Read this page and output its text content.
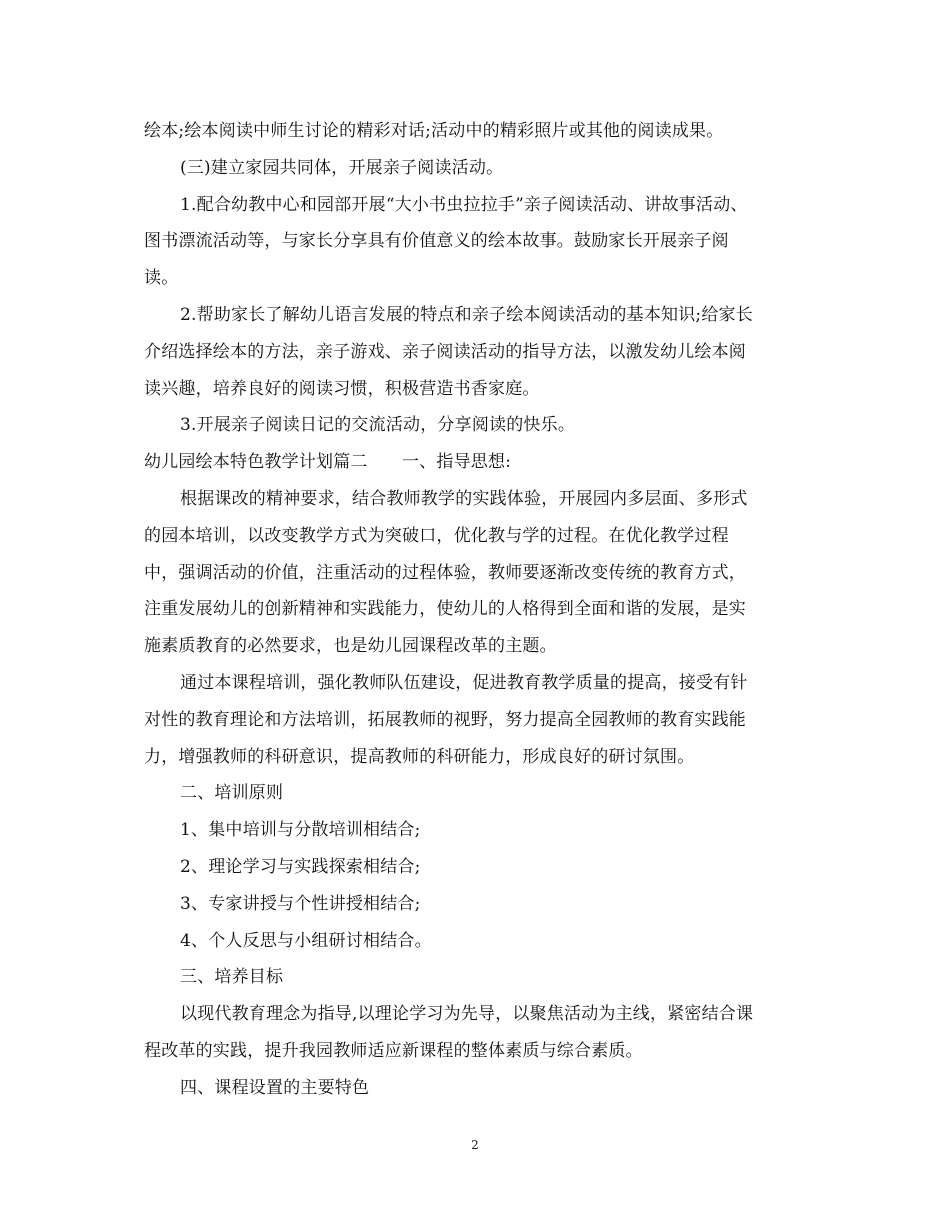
绘本;绘本阅读中师生讨论的精彩对话;活动中的精彩照片或其他的阅读成果。
(三)建立家园共同体，开展亲子阅读活动。
1.配合幼教中心和园部开展“大小书虫拉拉手”亲子阅读活动、讲故事活动、
图书漂流活动等，与家长分享具有价值意义的绘本故事。鼓励家长开展亲子阅
读。
2.帮助家长了解幼儿语言发展的特点和亲子绘本阅读活动的基本知识;给家长
介绍选择绘本的方法，亲子游戏、亲子阅读活动的指导方法，以激发幼儿绘本阅
读兴趣，培养良好的阅读习惯，积极营造书香家庭。
3.开展亲子阅读日记的交流活动，分享阅读的快乐。
幼儿园绘本特色教学计划篇二　　一、指导思想:
根据课改的精神要求，结合教师教学的实践体验，开展园内多层面、多形式
的园本培训，以改变教学方式为突破口，优化教与学的过程。在优化教学过程
中，强调活动的价值，注重活动的过程体验，教师要逐渐改变传统的教育方式，
注重发展幼儿的创新精神和实践能力，使幼儿的人格得到全面和谐的发展，是实
施素质教育的必然要求，也是幼儿园课程改革的主题。
通过本课程培训，强化教师队伍建设，促进教育教学质量的提高，接受有针
对性的教育理论和方法培训，拓展教师的视野，努力提高全园教师的教育实践能
力，增强教师的科研意识，提高教师的科研能力，形成良好的研讨氛围。
二、培训原则
1、集中培训与分散培训相结合;
2、理论学习与实践探索相结合;
3、专家讲授与个性讲授相结合;
4、个人反思与小组研讨相结合。
三、培养目标
以现代教育理念为指导,以理论学习为先导，以聚焦活动为主线，紧密结合课
程改革的实践，提升我园教师适应新课程的整体素质与综合素质。
四、课程设置的主要特色
2
